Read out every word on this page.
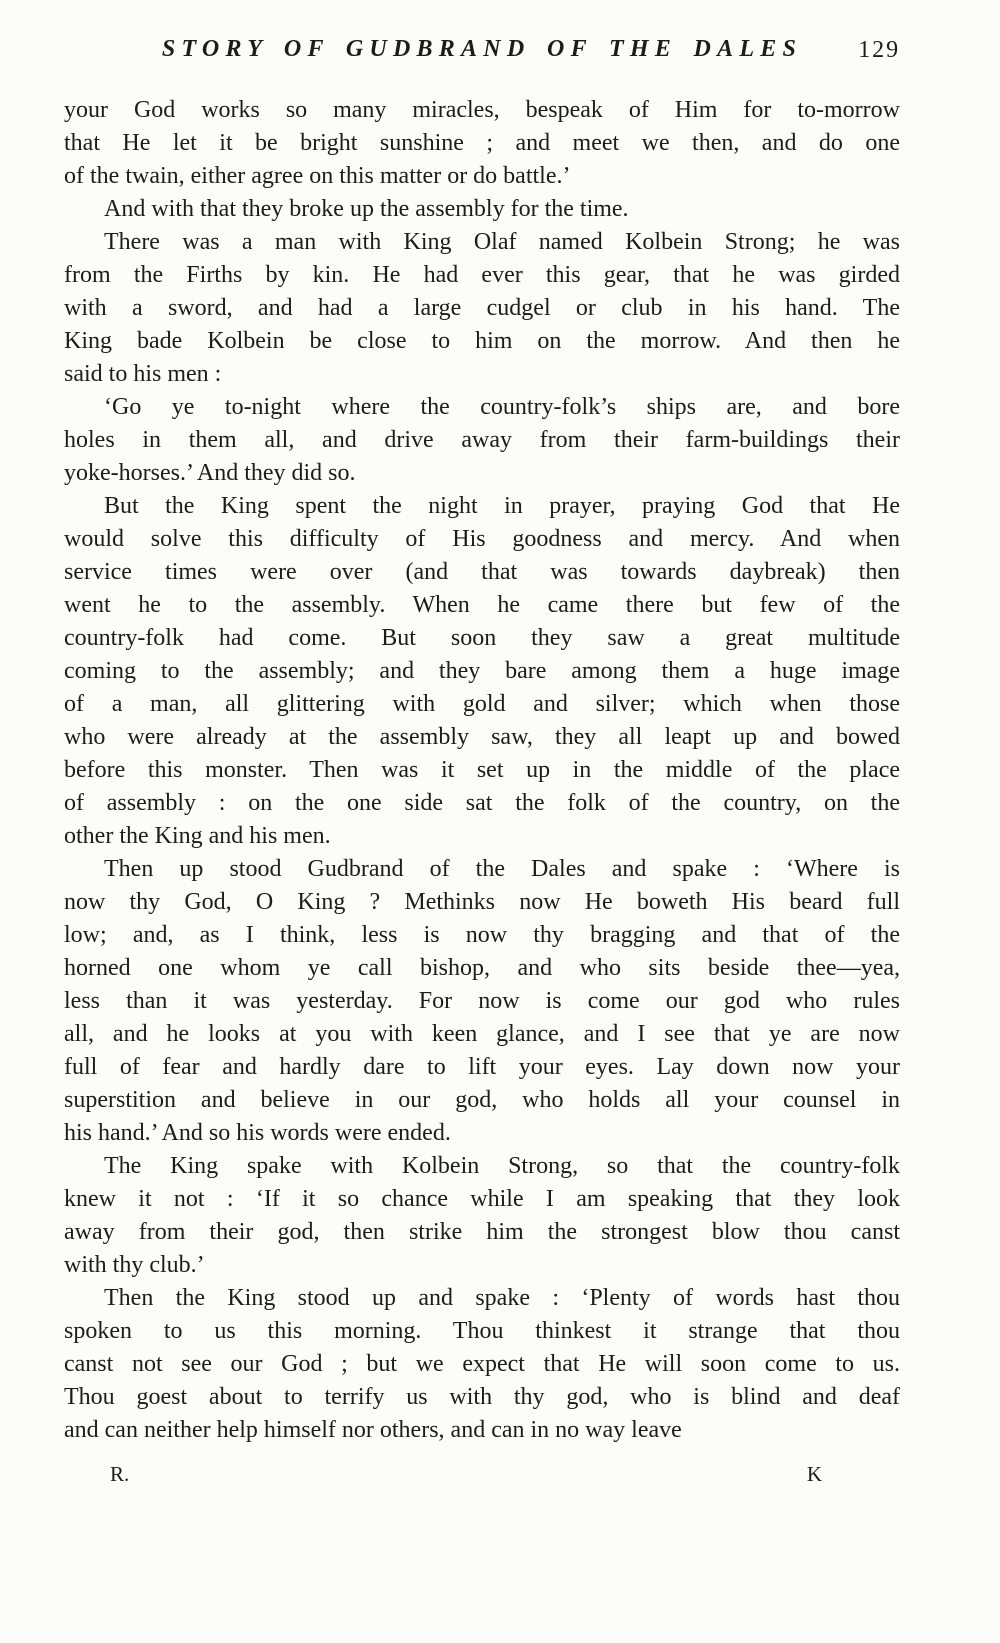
STORY OF GUDBRAND OF THE DALES	129

your God works so many miracles, bespeak of Him for to-morrow
that He let it be bright sunshine ; and meet we then, and do one
of the twain, either agree on this matter or do battle.’

And with that they broke up the assembly for the time.

There was a man with King Olaf named Kolbein Strong; he was
from the Firths by kin. He had ever this gear, that he was girded
with a sword, and had a large cudgel or club in his hand. The
King bade Kolbein be close to him on the morrow. And then he
said to his men :

‘Go ye to-night where the country-folk’s ships are, and bore
holes in them all, and drive away from their farm-buildings their
yoke-horses.’ And they did so.

But the King spent the night in prayer, praying God that He
would solve this difficulty of His goodness and mercy. And when
service times were over (and that was towards daybreak) then
went he to the assembly. When he came there but few of the
country-folk had come. But soon they saw a great multitude
coming to the assembly; and they bare among them a huge image
of a man, all glittering with gold and silver; which when those
who were already at the assembly saw, they all leapt up and bowed
before this monster. Then was it set up in the middle of the place
of assembly : on the one side sat the folk of the country, on the
other the King and his men.

Then up stood Gudbrand of the Dales and spake : ‘Where is
now thy God, O King ? Methinks now He boweth His beard full
low; and, as I think, less is now thy bragging and that of the
horned one whom ye call bishop, and who sits beside thee—yea,
less than it was yesterday. For now is come our god who rules
all, and he looks at you with keen glance, and I see that ye are now
full of fear and hardly dare to lift your eyes. Lay down now your
superstition and believe in our god, who holds all your counsel in
his hand.’ And so his words were ended.

The King spake with Kolbein Strong, so that the country-folk
knew it not : ‘If it so chance while I am speaking that they look
away from their god, then strike him the strongest blow thou canst
with thy club.’

Then the King stood up and spake : ‘Plenty of words hast thou
spoken to us this morning. Thou thinkest it strange that thou
canst not see our God ; but we expect that He will soon come to us.
Thou goest about to terrify us with thy god, who is blind and deaf
and can neither help himself nor others, and can in no way leave

R.	K
